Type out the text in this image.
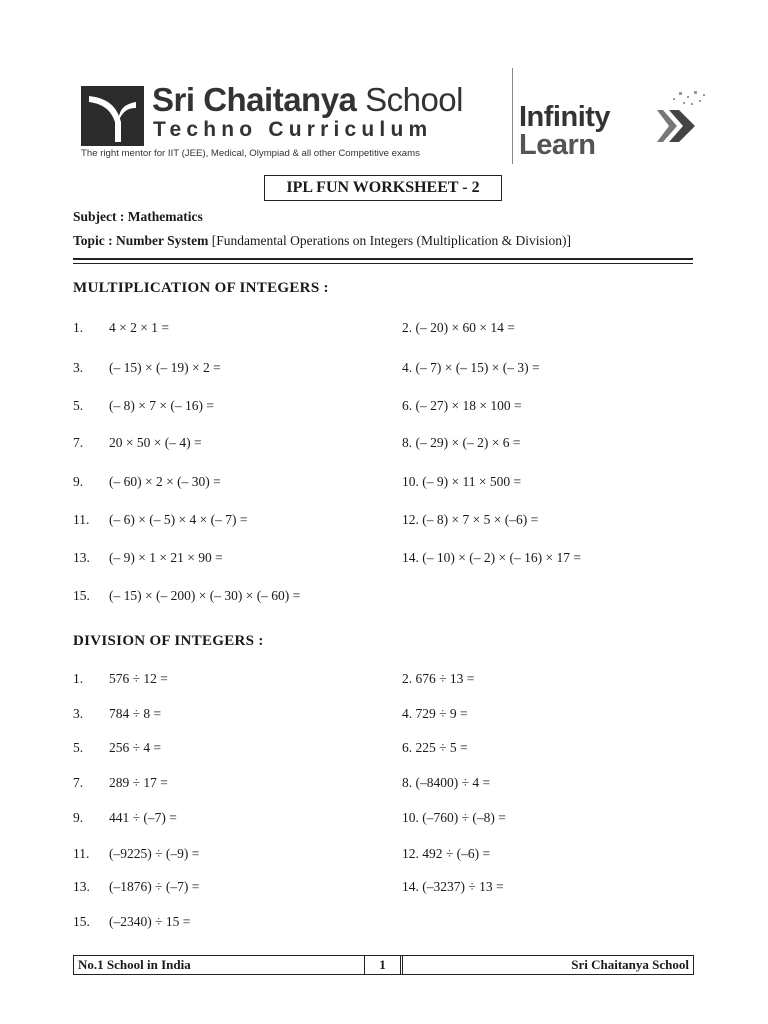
Sri Chaitanya School
Techno Curriculum
The right mentor for IIT (JEE), Medical, Olympiad & all other Competitive exams
Infinity
Learn
IPL FUN WORKSHEET - 2
Subject : Mathematics
Topic : Number System [Fundamental Operations on Integers (Multiplication & Division)]
MULTIPLICATION OF INTEGERS :
1. 4 × 2 × 1 =	2. (– 20) × 60 × 14 =
3. (– 15) × (– 19) × 2 =	4. (– 7) × (– 15) × (– 3) =
5. (– 8) × 7 × (– 16) =	6. (– 27) × 18 × 100 =
7. 20 × 50 × (– 4) =	8. (– 29) × (– 2) × 6 =
9. (– 60) × 2 × (– 30) =	10. (– 9) × 11 × 500 =
11. (– 6) × (– 5) × 4 × (– 7) =	12. (– 8) × 7 × 5 × (–6) =
13. (– 9) × 1 × 21 × 90 =	14. (– 10) × (– 2) × (– 16) × 17 =
15. (– 15) × (– 200) × (– 30) × (– 60) =
DIVISION OF INTEGERS :
1. 576 ÷ 12 =	2. 676 ÷ 13 =
3. 784 ÷ 8 =	4. 729 ÷ 9 =
5. 256 ÷ 4 =	6. 225 ÷ 5 =
7. 289 ÷ 17 =	8. (–8400) ÷ 4 =
9. 441 ÷ (–7) =	10. (–760) ÷ (–8) =
11. (–9225) ÷ (–9) =	12. 492 ÷ (–6) =
13. (–1876) ÷ (–7) =	14. (–3237) ÷ 13 =
15. (–2340) ÷ 15 =
No.1 School in India	1	Sri Chaitanya School
